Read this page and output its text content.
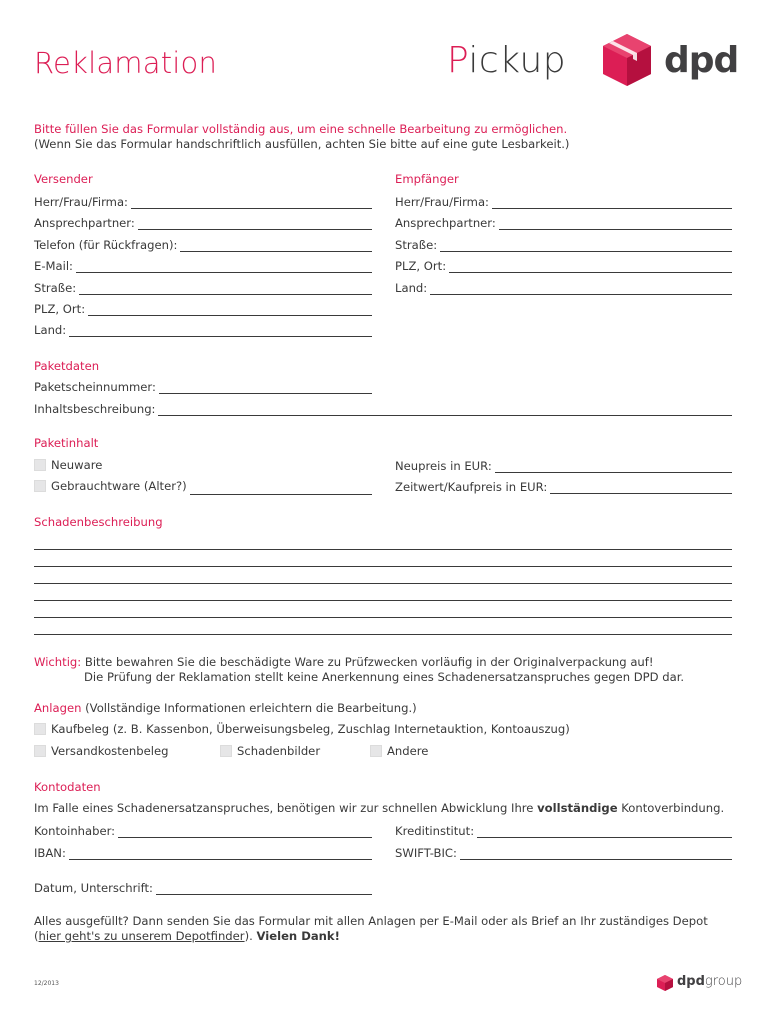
Reklamation	Pickup	dpd
Bitte füllen Sie das Formular vollständig aus, um eine schnelle Bearbeitung zu ermöglichen.
(Wenn Sie das Formular handschriftlich ausfüllen, achten Sie bitte auf eine gute Lesbarkeit.)
Versender
Herr/Frau/Firma:
Ansprechpartner:
Telefon (für Rückfragen):
E-Mail:
Straße:
PLZ, Ort:
Land:
Empfänger
Herr/Frau/Firma:
Ansprechpartner:
Straße:
PLZ, Ort:
Land:
Paketdaten
Paketscheinnummer:
Inhaltsbeschreibung:
Paketinhalt
Neuware
Gebrauchtware (Alter?)
Neupreis in EUR:
Zeitwert/Kaufpreis in EUR:
Schadenbeschreibung
Wichtig: Bitte bewahren Sie die beschädigte Ware zu Prüfzwecken vorläufig in der Originalverpackung auf!
Die Prüfung der Reklamation stellt keine Anerkennung eines Schadenersatzanspruches gegen DPD dar.
Anlagen (Vollständige Informationen erleichtern die Bearbeitung.)
Kaufbeleg (z. B. Kassenbon, Überweisungsbeleg, Zuschlag Internetauktion, Kontoauszug)
Versandkostenbeleg	Schadenbilder	Andere
Kontodaten
Im Falle eines Schadenersatzanspruches, benötigen wir zur schnellen Abwicklung Ihre vollständige Kontoverbindung.
Kontoinhaber:	Kreditinstitut:
IBAN:	SWIFT-BIC:
Datum, Unterschrift:
Alles ausgefüllt? Dann senden Sie das Formular mit allen Anlagen per E-Mail oder als Brief an Ihr zuständiges Depot
(hier geht's zu unserem Depotfinder). Vielen Dank!
12/2013	dpdgroup
